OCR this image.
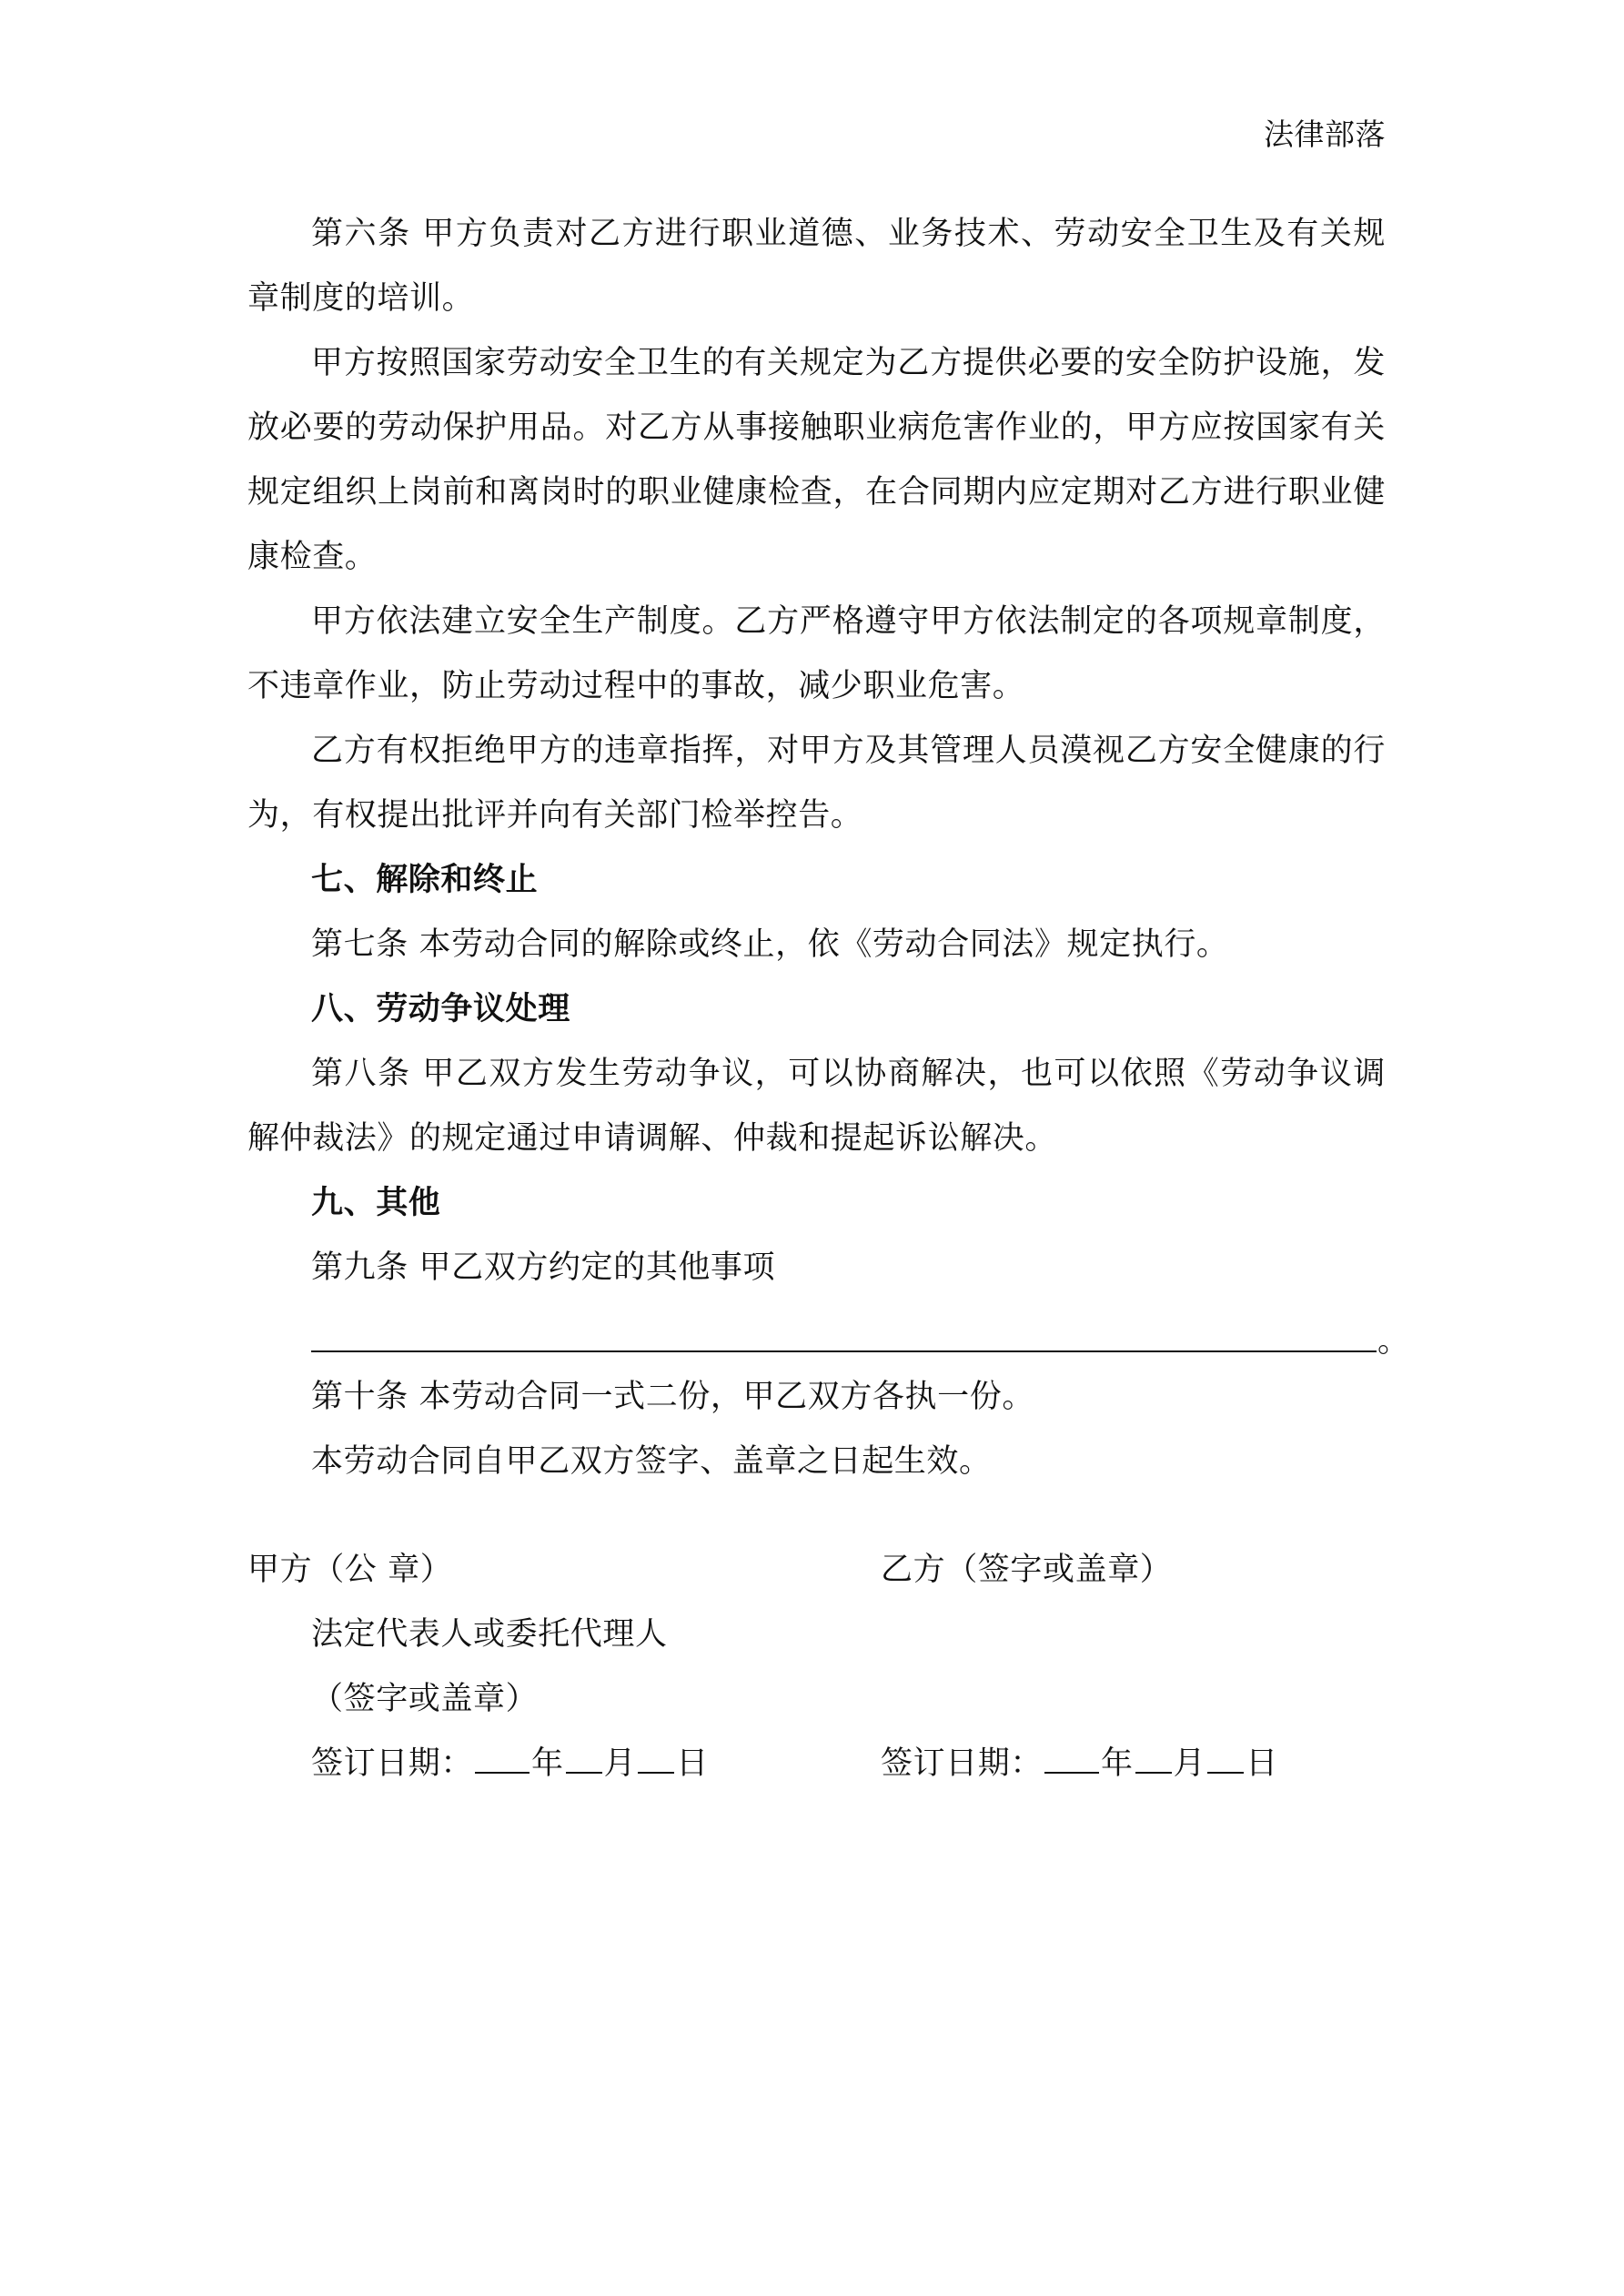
法律部落

第六条 甲方负责对乙方进行职业道德、业务技术、劳动安全卫生及有关规章制度的培训。

甲方按照国家劳动安全卫生的有关规定为乙方提供必要的安全防护设施，发放必要的劳动保护用品。对乙方从事接触职业病危害作业的，甲方应按国家有关规定组织上岗前和离岗时的职业健康检查，在合同期内应定期对乙方进行职业健康检查。

甲方依法建立安全生产制度。乙方严格遵守甲方依法制定的各项规章制度，不违章作业，防止劳动过程中的事故，减少职业危害。

乙方有权拒绝甲方的违章指挥，对甲方及其管理人员漠视乙方安全健康的行为，有权提出批评并向有关部门检举控告。

七、解除和终止

第七条 本劳动合同的解除或终止，依《劳动合同法》规定执行。

八、劳动争议处理

第八条 甲乙双方发生劳动争议，可以协商解决，也可以依照《劳动争议调解仲裁法》的规定通过申请调解、仲裁和提起诉讼解决。

九、其他

第九条 甲乙双方约定的其他事项

。

第十条 本劳动合同一式二份，甲乙双方各执一份。

本劳动合同自甲乙双方签字、盖章之日起生效。

甲方（公 章）	乙方（签字或盖章）
法定代表人或委托代理人
（签字或盖章）
签订日期： 年 月 日	签订日期： 年 月 日
